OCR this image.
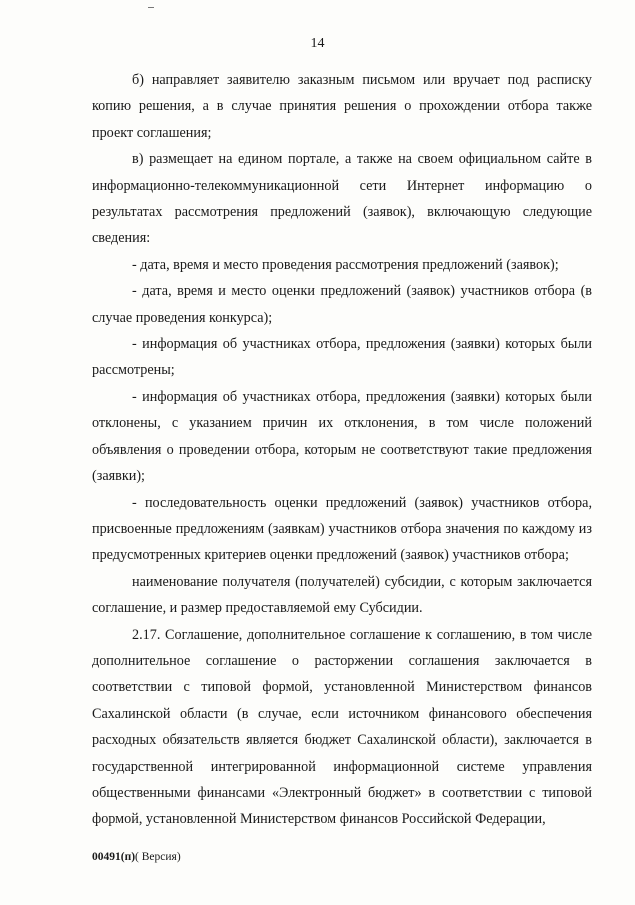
14

б) направляет заявителю заказным письмом или вручает под расписку копию решения, а в случае принятия решения о прохождении отбора также проект соглашения;

в) размещает на едином портале, а также на своем официальном сайте в информационно-телекоммуникационной сети Интернет информацию о результатах рассмотрения предложений (заявок), включающую следующие сведения:

- дата, время и место проведения рассмотрения предложений (заявок);

- дата, время и место оценки предложений (заявок) участников отбора (в случае проведения конкурса);

- информация об участниках отбора, предложения (заявки) которых были рассмотрены;

- информация об участниках отбора, предложения (заявки) которых были отклонены, с указанием причин их отклонения, в том числе положений объявления о проведении отбора, которым не соответствуют такие предложения (заявки);

- последовательность оценки предложений (заявок) участников отбора, присвоенные предложениям (заявкам) участников отбора значения по каждому из предусмотренных критериев оценки предложений (заявок) участников отбора;

наименование получателя (получателей) субсидии, с которым заключается соглашение, и размер предоставляемой ему Субсидии.

2.17. Соглашение, дополнительное соглашение к соглашению, в том числе дополнительное соглашение о расторжении соглашения заключается в соответствии с типовой формой, установленной Министерством финансов Сахалинской области (в случае, если источником финансового обеспечения расходных обязательств является бюджет Сахалинской области), заключается в государственной интегрированной информационной системе управления общественными финансами «Электронный бюджет» в соответствии с типовой формой, установленной Министерством финансов Российской Федерации,

00491(п)( Версия)
